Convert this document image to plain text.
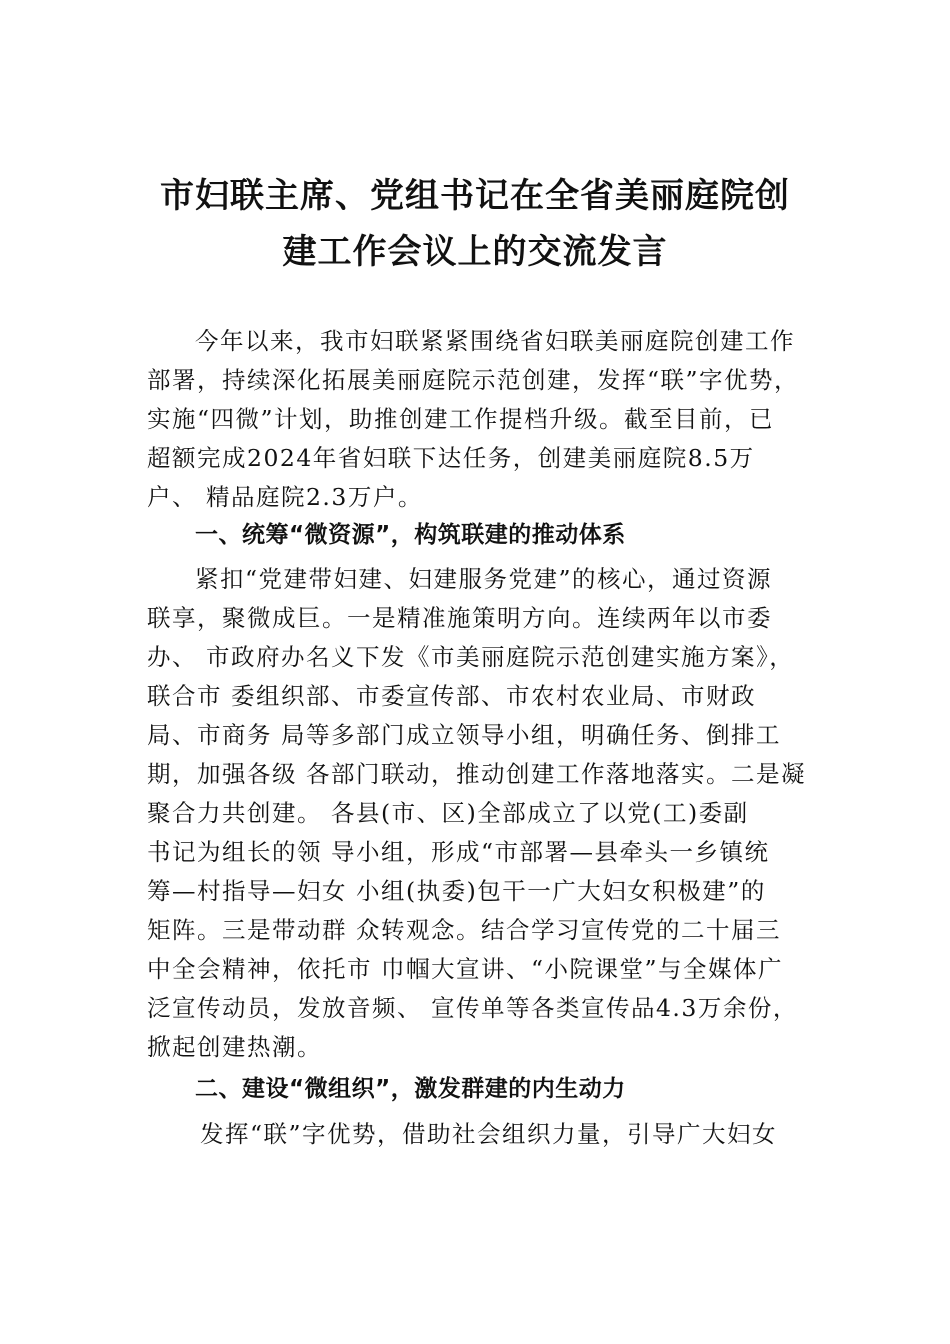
市妇联主席、党组书记在全省美丽庭院创
建工作会议上的交流发言
今年以来，我市妇联紧紧围绕省妇联美丽庭院创建工作
部署，持续深化拓展美丽庭院示范创建，发挥“联”字优势，
实施“四微”计划，助推创建工作提档升级。截至目前，已
超额完成2024年省妇联下达任务，创建美丽庭院8.5万
户、 精品庭院2.3万户。
一、统筹“微资源”，构筑联建的推动体系
紧扣“党建带妇建、妇建服务党建”的核心，通过资源
联享，聚微成巨。一是精准施策明方向。连续两年以市委
办、 市政府办名义下发《市美丽庭院示范创建实施方案》，
联合市 委组织部、市委宣传部、市农村农业局、市财政
局、市商务 局等多部门成立领导小组，明确任务、倒排工
期，加强各级 各部门联动，推动创建工作落地落实。二是凝
聚合力共创建。 各县(市、区)全部成立了以党(工)委副
书记为组长的领 导小组，形成“市部署—县牵头一乡镇统
筹—村指导—妇女 小组(执委)包干一广大妇女积极建”的
矩阵。三是带动群 众转观念。结合学习宣传党的二十届三
中全会精神，依托市 巾帼大宣讲、“小院课堂”与全媒体广
泛宣传动员，发放音频、 宣传单等各类宣传品4.3万余份，
掀起创建热潮。
二、建设“微组织”，激发群建的内生动力
发挥“联”字优势，借助社会组织力量，引导广大妇女
